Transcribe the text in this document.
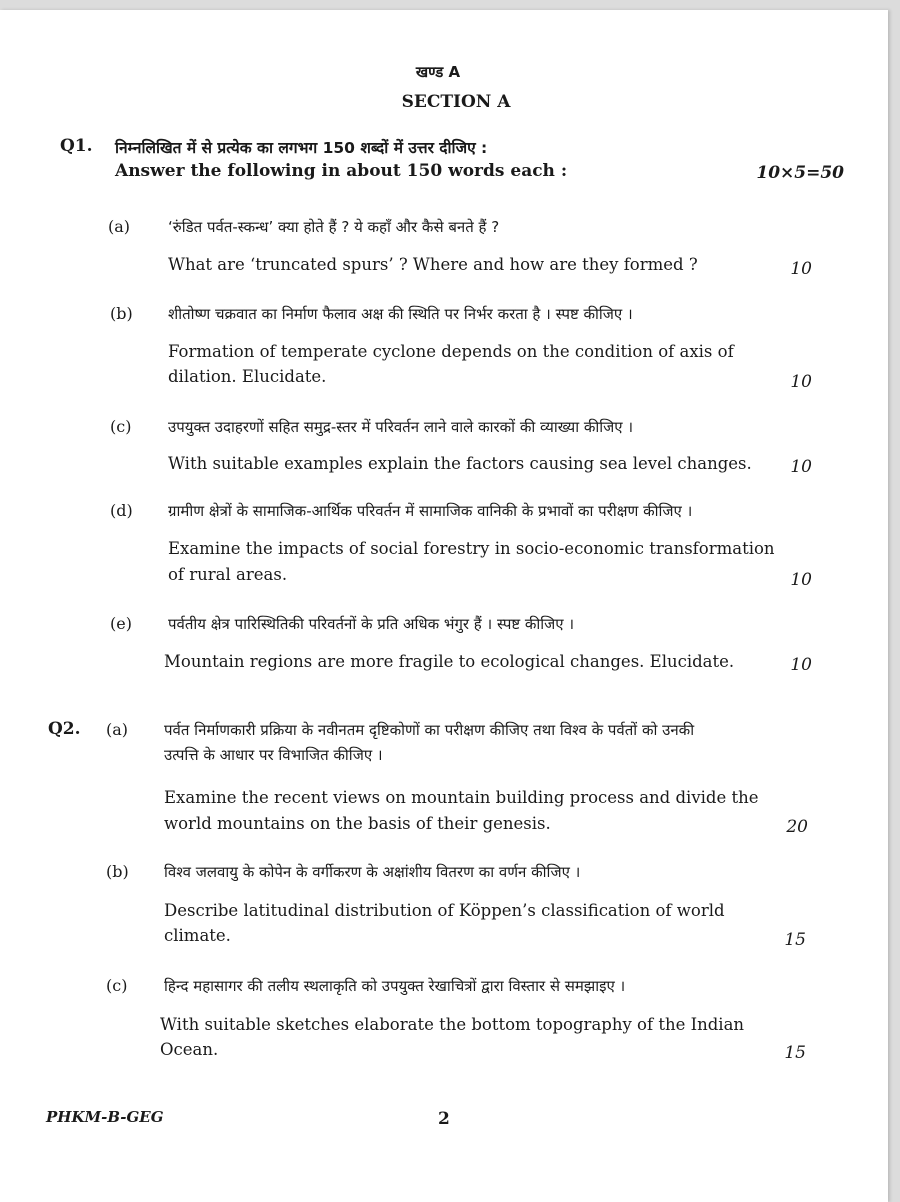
खण्ड A
SECTION A
Q1. निम्नलिखित में से प्रत्येक का लगभग 150 शब्दों में उत्तर दीजिए :
Answer the following in about 150 words each :	10×5=50
(a)	‘रुंडित पर्वत-स्कन्ध’ क्या होते हैं ? ये कहाँ और कैसे बनते हैं ?
What are ‘truncated spurs’ ? Where and how are they formed ?	10
(b) शीतोष्ण चक्रवात का निर्माण फैलाव अक्ष की स्थिति पर निर्भर करता है । स्पष्ट कीजिए ।
Formation of temperate cyclone depends on the condition of axis of
dilation. Elucidate.	10
(c) उपयुक्त उदाहरणों सहित समुद्र-स्तर में परिवर्तन लाने वाले कारकों की व्याख्या कीजिए ।
With suitable examples explain the factors causing sea level changes. 10
(d) ग्रामीण क्षेत्रों के सामाजिक-आर्थिक परिवर्तन में सामाजिक वानिकी के प्रभावों का परीक्षण कीजिए ।
Examine the impacts of social forestry in socio-economic transformation
of rural areas.	10
(e) पर्वतीय क्षेत्र पारिस्थितिकी परिवर्तनों के प्रति अधिक भंगुर हैं । स्पष्ट कीजिए ।
Mountain regions are more fragile to ecological changes. Elucidate.	10
Q2. (a) पर्वत निर्माणकारी प्रक्रिया के नवीनतम दृष्टिकोणों का परीक्षण कीजिए तथा विश्व के पर्वतों को उनकी
उत्पत्ति के आधार पर विभाजित कीजिए ।
Examine the recent views on mountain building process and divide the
world mountains on the basis of their genesis.	20
(b) विश्व जलवायु के कोपेन के वर्गीकरण के अक्षांशीय वितरण का वर्णन कीजिए ।
Describe latitudinal distribution of Köppen’s classification of world
climate.	15
(c) हिन्द महासागर की तलीय स्थलाकृति को उपयुक्त रेखाचित्रों द्वारा विस्तार से समझाइए ।
With suitable sketches elaborate the bottom topography of the Indian
Ocean.	15
PHKM-B-GEG	2
